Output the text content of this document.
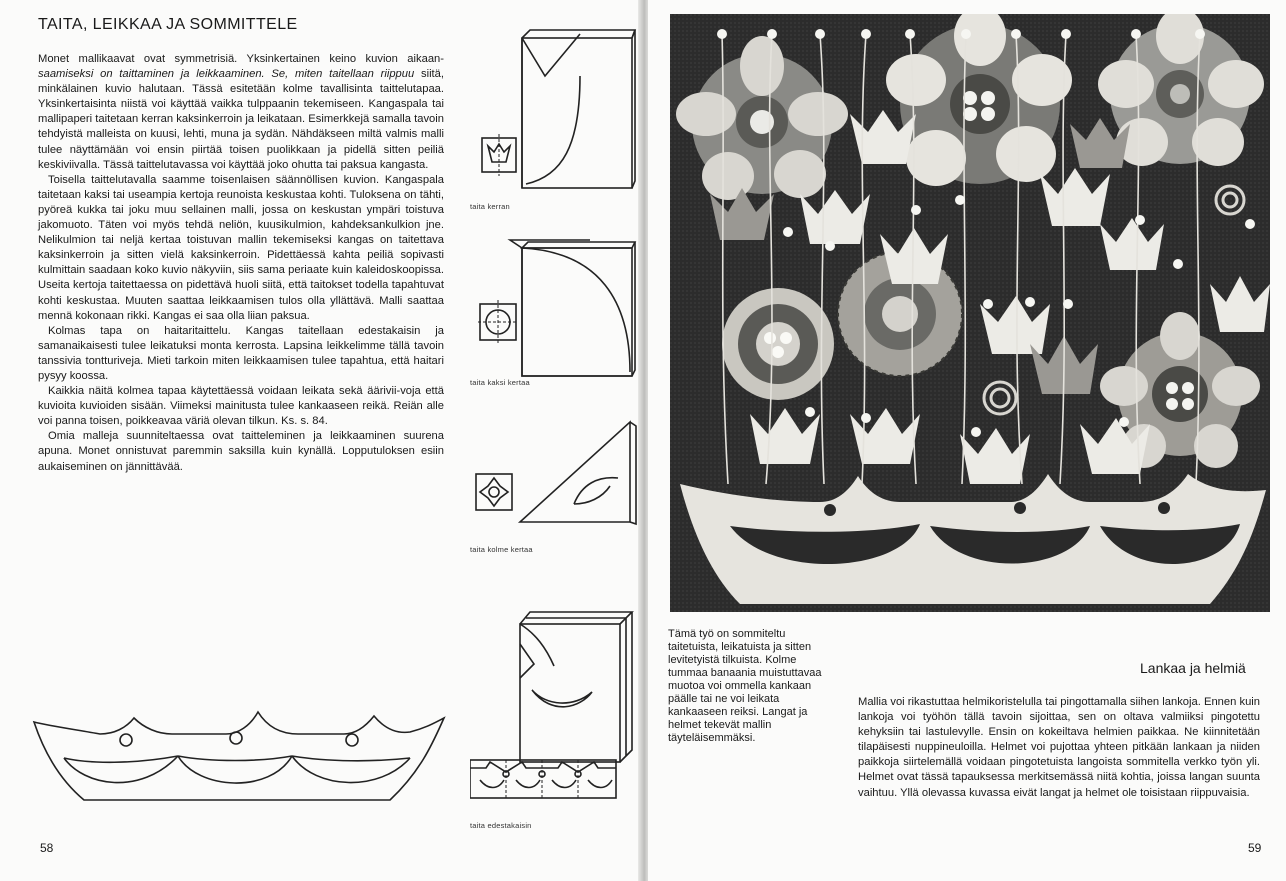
TAITA, LEIKKAA JA SOMMITTELE

Monet mallikaavat ovat symmetrisiä. Yksinkertainen keino kuvion aikaan- saamiseksi on taittaminen ja leikkaaminen. Se, miten taitellaan riippuu siitä, minkälainen kuvio halutaan. Tässä esitetään kolme tavallisinta taittelutapaa. Yksinkertaisinta niistä voi käyttää vaikka tulppaanin tekemiseen. Kangaspala tai mallipaperi taitetaan kerran kaksinkerroin ja leikataan. Esimerkkejä samalla tavoin tehdyistä malleista on kuusi, lehti, muna ja sydän. Nähdäkseen miltä valmis malli tulee näyttämään voi ensin piirtää toisen puolikkaan ja pidellä sitten peiliä keskiviivalla. Tässä taittelutavassa voi käyttää joko ohutta tai paksua kangasta.

Toisella taittelutavalla saamme toisenlaisen säännöllisen kuvion. Kangaspala taitetaan kaksi tai useampia kertoja reunoista keskustaa kohti. Tuloksena on tähti, pyöreä kukka tai joku muu sellainen malli, jossa on keskustan ympäri toistuva jakomuoto. Täten voi myös tehdä neliön, kuusikulmion, kahdeksankulkion jne. Nelikulmion tai neljä kertaa toistuvan mallin tekemiseksi kangas on taitettava kaksinkerroin ja sitten vielä kaksinkerroin. Pidettäessä kahta peiliä sopivasti kulmittain saadaan koko kuvio näkyviin, siis sama periaate kuin kaleidoskoopissa. Useita kertoja taitettaessa on pidettävä huoli siitä, että taitokset todella tapahtuvat kohti keskustaa. Muuten saattaa leikkaamisen tulos olla yllättävä. Malli saattaa mennä kokonaan rikki. Kangas ei saa olla liian paksua.

Kolmas tapa on haitaritaittelu. Kangas taitellaan edestakaisin ja samanaikaisesti tulee leikatuksi monta kerrosta. Lapsina leikkelimme tällä tavoin tanssivia tontturiveja. Mieti tarkoin miten leikkaamisen tulee tapahtua, että haitari pysyy koossa.

Kaikkia näitä kolmea tapaa käytettäessä voidaan leikata sekä äärivii-voja että kuvioita kuvioiden sisään. Viimeksi mainitusta tulee kankaaseen reikä. Reiän alle voi panna toisen, poikkeavaa väriä olevan tilkun. Ks. s. 84.

Omia malleja suunniteltaessa ovat taitteleminen ja leikkaaminen suurena apuna. Monet onnistuvat paremmin saksilla kuin kynällä. Lopputuloksen esiin aukaiseminen on jännittävää.

taita kerran
taita kaksi kertaa
taita kolme kertaa
taita edestakaisin
58

Tämä työ on sommiteltu taitetuista, leikatuista ja sitten levitetyistä tilkuista. Kolme tummaa banaania muistuttavaa muotoa voi ommella kankaan päälle tai ne voi leikata kankaaseen reiksi. Langat ja helmet tekevät mallin täyteläisemmäksi.

Lankaa ja helmiä

Mallia voi rikastuttaa helmikoristelulla tai pingottamalla siihen lankoja. Ennen kuin lankoja voi työhön tällä tavoin sijoittaa, sen on oltava valmiiksi pingotettu kehyksiin tai lastulevylle. Ensin on kokeiltava helmien paikkaa. Ne kiinnitetään tilapäisesti nuppineuloilla. Helmet voi pujottaa yhteen pitkään lankaan ja niiden paikkoja siirtelemällä voidaan pingotetuista langoista sommitella verkko työn yli. Helmet ovat tässä tapauksessa merkitsemässä niitä kohtia, joissa langan suunta vaihtuu. Yllä olevassa kuvassa eivät langat ja helmet ole toisistaan riippuvaisia.

59
